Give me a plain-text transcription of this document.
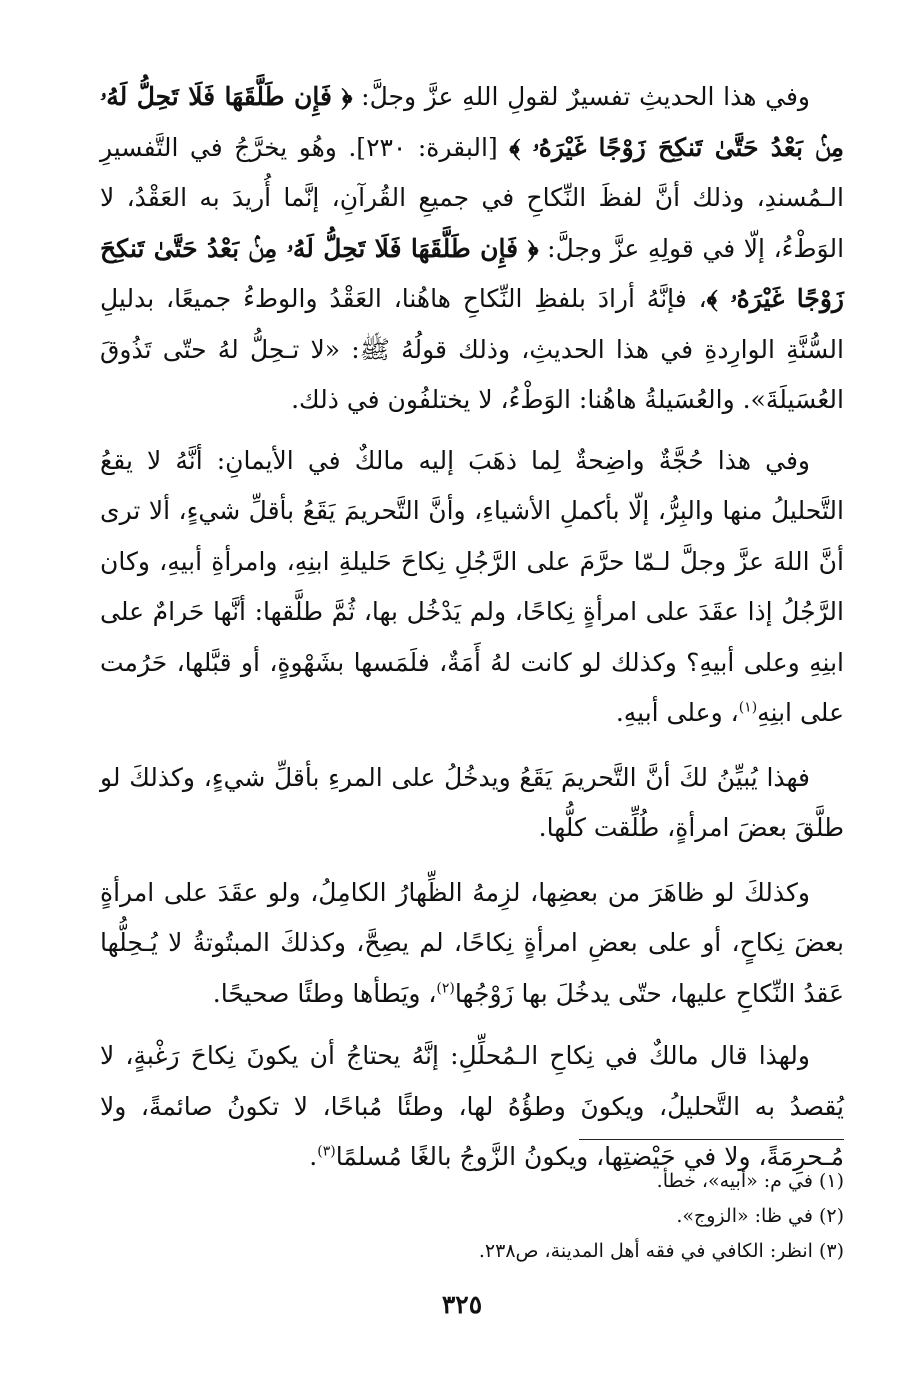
وفي هذا الحديثِ تفسيرٌ لقولِ اللهِ عزَّ وجلَّ: ﴿ فَإِن طَلَّقَهَا فَلَا تَحِلُّ لَهُۥ مِنۢ بَعْدُ حَتَّىٰ تَنكِحَ زَوْجًا غَيْرَهُۥ ﴾ [البقرة: ٢٣٠]. وهُو يخرَّجُ في التَّفسيرِ الـمُسندِ، وذلك أنَّ لفظَ النِّكاحِ في جميعِ القُرآنِ، إنَّما أُريدَ به العَقْدُ، لا الوَطْءُ، إلّا في قولِهِ عزَّ وجلَّ: ﴿ فَإِن طَلَّقَهَا فَلَا تَحِلُّ لَهُۥ مِنۢ بَعْدُ حَتَّىٰ تَنكِحَ زَوْجًا غَيْرَهُۥ ﴾، فإنَّهُ أرادَ بلفظِ النِّكاحِ هاهُنا، العَقْدُ والوطءُ جميعًا، بدليلِ السُّنَّةِ الوارِدةِ في هذا الحديثِ، وذلك قولُهُ ﷺ: «لا تـحِلُّ لهُ حتّى تَذُوقَ العُسَيلَةَ». والعُسَيلةُ هاهُنا: الوَطْءُ، لا يختلفُون في ذلك.

وفي هذا حُجَّةٌ واضِحةٌ لِما ذهَبَ إليه مالكٌ في الأيمانِ: أنَّهُ لا يقعُ التَّحليلُ منها والبِرُّ، إلّا بأكملِ الأشياءِ، وأنَّ التَّحريمَ يَقَعُ بأقلِّ شيءٍ، ألا ترى أنَّ اللهَ عزَّ وجلَّ لـمّا حرَّمَ على الرَّجُلِ نِكاحَ حَليلةِ ابنِهِ، وامرأةِ أبيهِ، وكان الرَّجُلُ إذا عقَدَ على امرأةٍ نِكاحًا، ولم يَدْخُل بها، ثُمَّ طلَّقها: أنَّها حَرامٌ على ابنِهِ وعلى أبيهِ؟ وكذلك لو كانت لهُ أَمَةٌ، فلَمَسها بشَهْوةٍ، أو قبَّلها، حَرُمت على ابنِهِ$^{(١)}$، وعلى أبيهِ.

فهذا يُبيِّنُ لكَ أنَّ التَّحريمَ يَقَعُ ويدخُلُ على المرءِ بأقلِّ شيءٍ، وكذلكَ لو طلَّقَ بعضَ امرأةٍ، طُلِّقت كلُّها.

وكذلكَ لو ظاهَرَ من بعضِها، لزِمهُ الظِّهارُ الكامِلُ، ولو عقَدَ على امرأةٍ بعضَ نِكاحٍ، أو على بعضِ امرأةٍ نِكاحًا، لم يصِحَّ، وكذلكَ المبتُوتةُ لا يُـحِلُّها عَقدُ النِّكاحِ عليها، حتّى يدخُلَ بها زَوْجُها$^{(٢)}$، ويَطأها وطئًا صحيحًا.

ولهذا قال مالكٌ في نِكاحِ الـمُحلِّلِ: إنَّهُ يحتاجُ أن يكونَ نِكاحَ رَغْبةٍ، لا يُقصدُ به التَّحليلُ، ويكونَ وطؤُهُ لها، وطئًا مُباحًا، لا تكونُ صائمةً، ولا مُـحرِمَةً، ولا في حَيْضتِها، ويكونُ الزَّوجُ بالغًا مُسلمًا$^{(٣)}$.

(١) في م: «أبيه»، خطأ.

(٢) في ظا: «الزوج».

(٣) انظر: الكافي في فقه أهل المدينة، ص٢٣٨.

٣٢٥
